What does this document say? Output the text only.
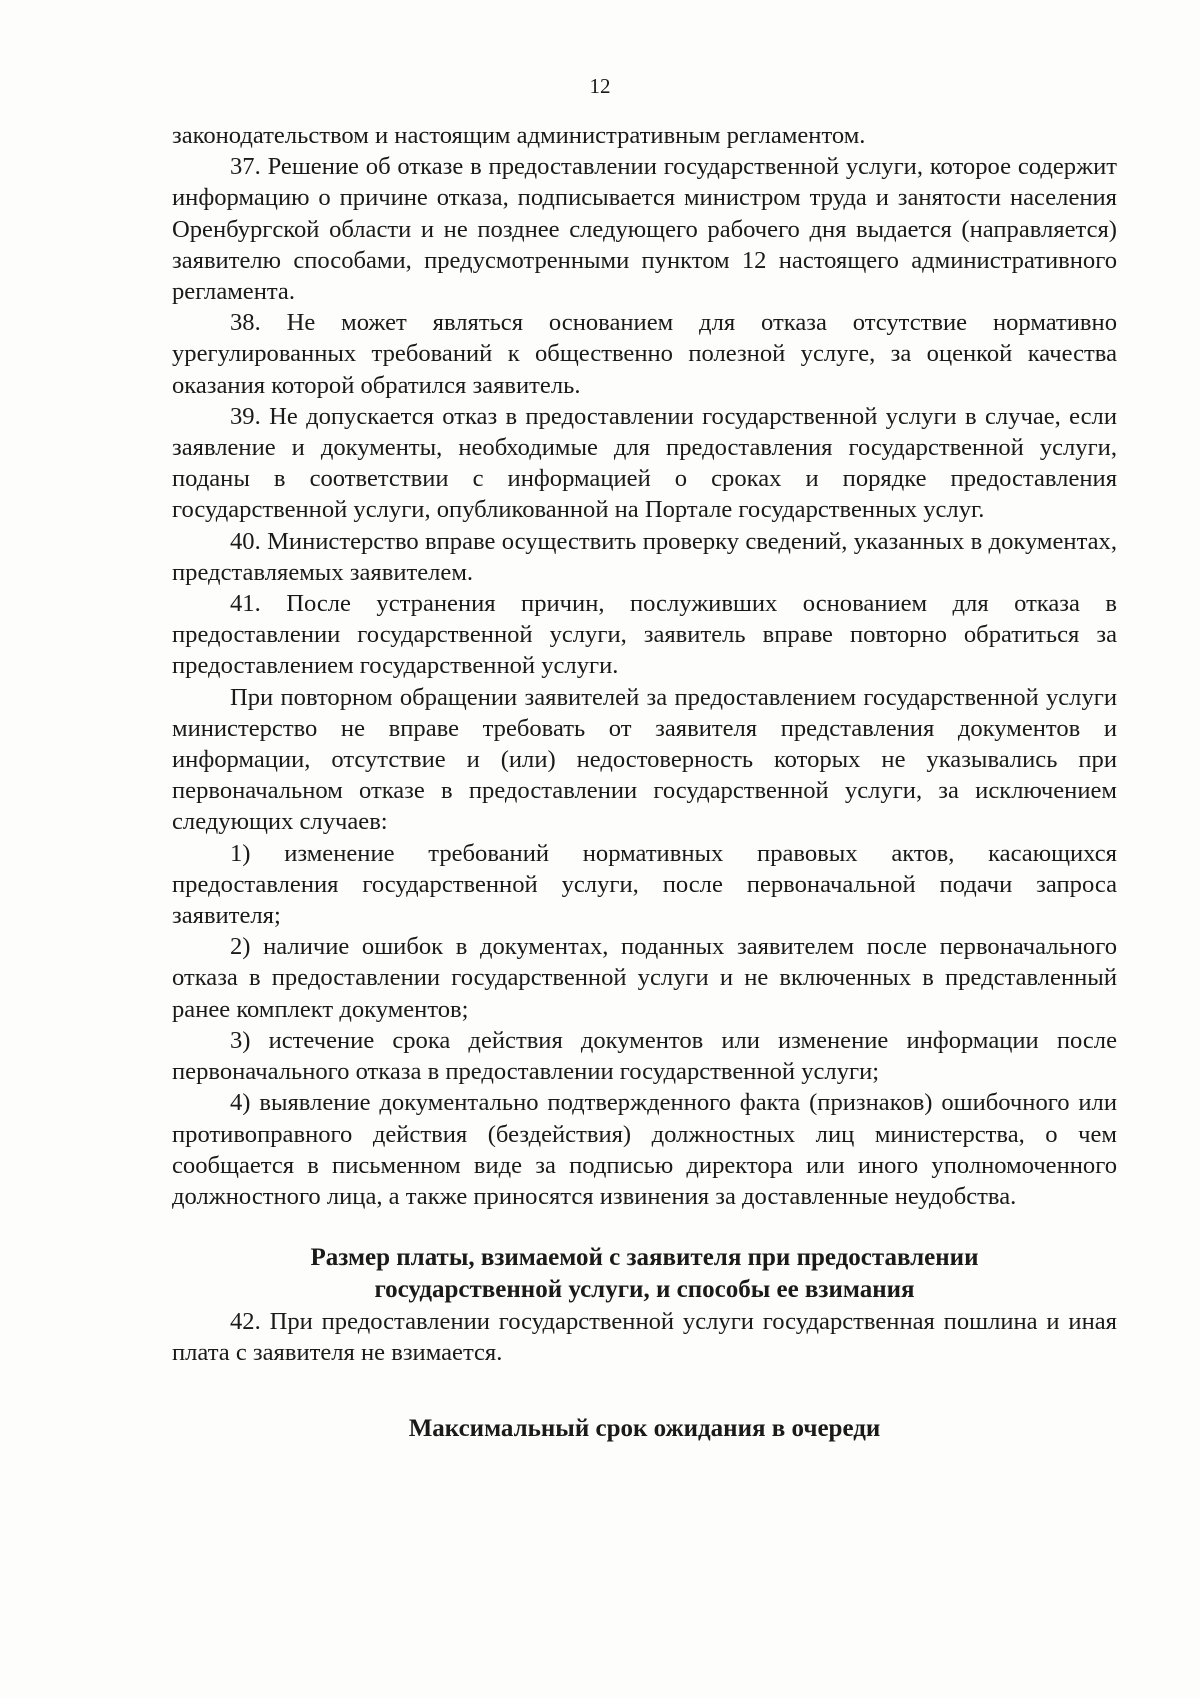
12

законодательством и настоящим административным регламентом.

37. Решение об отказе в предоставлении государственной услуги, которое содержит информацию о причине отказа, подписывается министром труда и занятости населения Оренбургской области и не позднее следующего рабочего дня выдается (направляется) заявителю способами, предусмотренными пунктом 12 настоящего административного регламента.

38. Не может являться основанием для отказа отсутствие нормативно урегулированных требований к общественно полезной услуге, за оценкой качества оказания которой обратился заявитель.

39. Не допускается отказ в предоставлении государственной услуги в случае, если заявление и документы, необходимые для предоставления государственной услуги, поданы в соответствии с информацией о сроках и порядке предоставления государственной услуги, опубликованной на Портале государственных услуг.

40. Министерство вправе осуществить проверку сведений, указанных в документах, представляемых заявителем.

41. После устранения причин, послуживших основанием для отказа в предоставлении государственной услуги, заявитель вправе повторно обратиться за предоставлением государственной услуги.

При повторном обращении заявителей за предоставлением государственной услуги министерство не вправе требовать от заявителя представления документов и информации, отсутствие и (или) недостоверность которых не указывались при первоначальном отказе в предоставлении государственной услуги, за исключением следующих случаев:

1) изменение требований нормативных правовых актов, касающихся предоставления государственной услуги, после первоначальной подачи запроса заявителя;

2) наличие ошибок в документах, поданных заявителем после первоначального отказа в предоставлении государственной услуги и не включенных в представленный ранее комплект документов;

3) истечение срока действия документов или изменение информации после первоначального отказа в предоставлении государственной услуги;

4) выявление документально подтвержденного факта (признаков) ошибочного или противоправного действия (бездействия) должностных лиц министерства, о чем сообщается в письменном виде за подписью директора или иного уполномоченного должностного лица, а также приносятся извинения за доставленные неудобства.

Размер платы, взимаемой с заявителя при предоставлении
государственной услуги, и способы ее взимания

42. При предоставлении государственной услуги государственная пошлина и иная плата с заявителя не взимается.

Максимальный срок ожидания в очереди
